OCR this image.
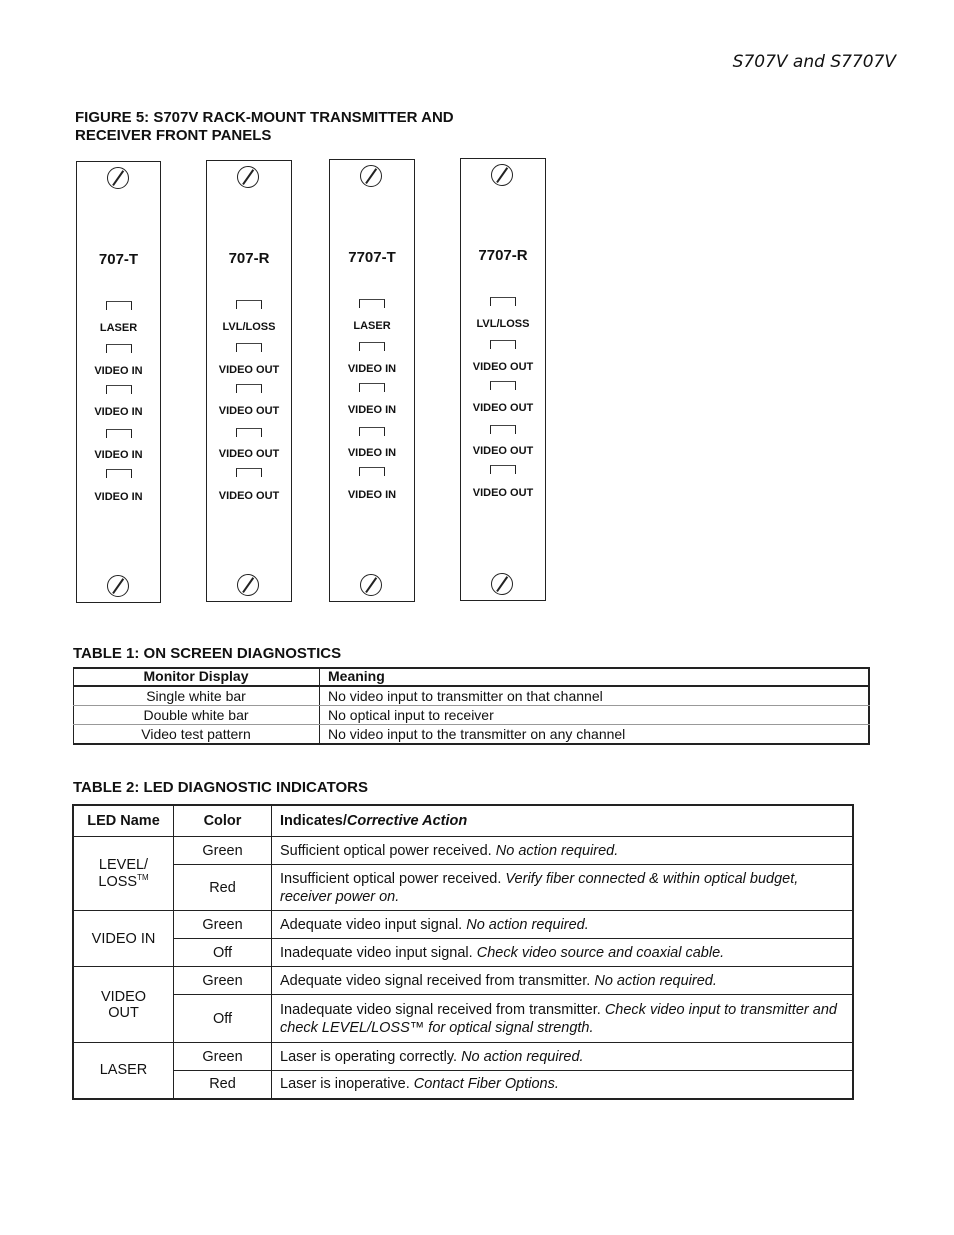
S707V and S7707V
FIGURE 5: S707V RACK-MOUNT TRANSMITTER AND
RECEIVER FRONT PANELS
707-T
LASER
VIDEO IN
VIDEO IN
VIDEO IN
VIDEO IN
707-R
LVL/LOSS
VIDEO OUT
VIDEO OUT
VIDEO OUT
VIDEO OUT
7707-T
LASER
VIDEO IN
VIDEO IN
VIDEO IN
VIDEO IN
7707-R
LVL/LOSS
VIDEO OUT
VIDEO OUT
VIDEO OUT
VIDEO OUT
TABLE 1: ON SCREEN DIAGNOSTICS
Monitor Display	Meaning
Single white bar	No video input to transmitter on that channel
Double white bar	No optical input to receiver
Video test pattern	No video input to the transmitter on any channel
TABLE 2: LED DIAGNOSTIC INDICATORS
LED Name	Color	Indicates/Corrective Action

LEVEL/
LOSS™	Green	Sufficient optical power received. No action required.
	Red	Insufficient optical power received. Verify fiber connected & within optical budget, receiver power on.

VIDEO IN	Green	Adequate video input signal. No action required.
	Off	Inadequate video input signal. Check video source and coaxial cable.

VIDEO
OUT	Green	Adequate video signal received from transmitter. No action required.
	Off	Inadequate video signal received from transmitter. Check video input to transmitter and check LEVEL/LOSS™ for optical signal strength.

LASER	Green	Laser is operating correctly. No action required.
	Red	Laser is inoperative. Contact Fiber Options.
